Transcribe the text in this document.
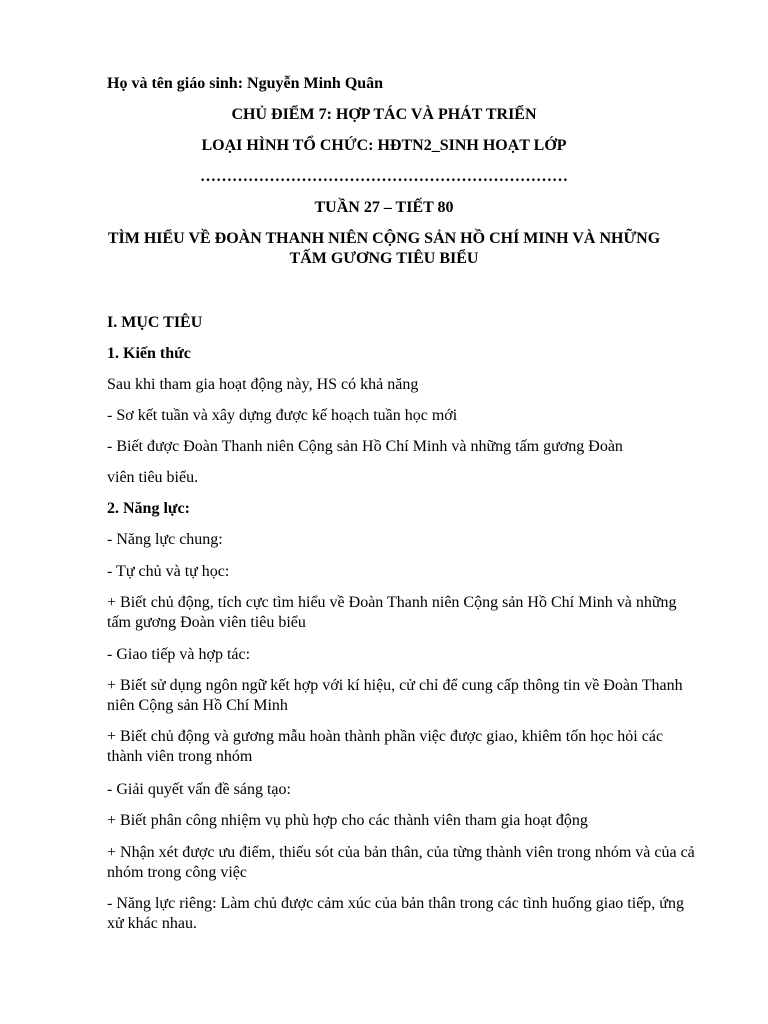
Họ và tên giáo sinh: Nguyễn Minh Quân
CHỦ ĐIỂM 7: HỢP TÁC VÀ PHÁT TRIỂN
LOẠI HÌNH TỔ CHỨC: HĐTN2_SINH HOẠT LỚP
……………………………………………………………
TUẦN 27 – TIẾT 80
TÌM HIỂU VỀ ĐOÀN THANH NIÊN CỘNG SẢN HỒ CHÍ MINH VÀ NHỮNG
TẤM GƯƠNG TIÊU BIỂU
I. MỤC TIÊU
1. Kiến thức
Sau khi tham gia hoạt động này, HS có khả năng
- Sơ kết tuần và xây dựng được kế hoạch tuần học mới
- Biết được Đoàn Thanh niên Cộng sản Hồ Chí Minh và những tấm gương Đoàn
viên tiêu biểu.
2. Năng lực:
- Năng lực chung:
- Tự chủ và tự học:
+ Biết chủ động, tích cực tìm hiểu về Đoàn Thanh niên Cộng sản Hồ Chí Minh và những tấm gương Đoàn viên tiêu biểu
- Giao tiếp và hợp tác:
+ Biết sử dụng ngôn ngữ kết hợp với kí hiệu, cử chỉ để cung cấp thông tin về Đoàn Thanh niên Cộng sản Hồ Chí Minh
+ Biết chủ động và gương mẫu hoàn thành phần việc được giao, khiêm tốn học hỏi các thành viên trong nhóm
- Giải quyết vấn đề sáng tạo:
+ Biết phân công nhiệm vụ phù hợp cho các thành viên tham gia hoạt động
+ Nhận xét được ưu điểm, thiếu sót của bản thân, của từng thành viên trong nhóm và của cả nhóm trong công việc
- Năng lực riêng: Làm chủ được cảm xúc của bản thân trong các tình huống giao tiếp, ứng xử khác nhau.
